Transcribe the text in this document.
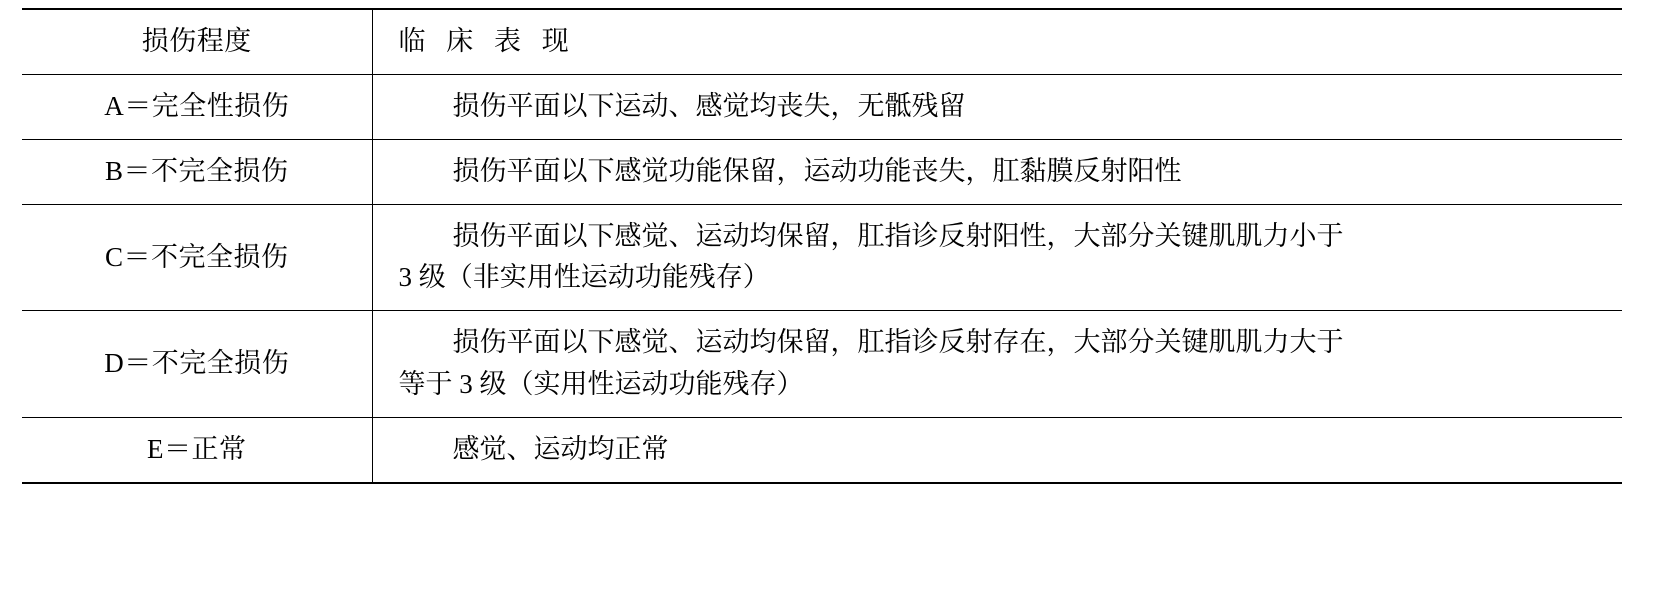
损伤程度	临 床 表 现
A＝完全性损伤	损伤平面以下运动、感觉均丧失，无骶残留

B＝不完全损伤	损伤平面以下感觉功能保留，运动功能丧失，肛黏膜反射阳性

C＝不完全损伤	损伤平面以下感觉、运动均保留，肛指诊反射阳性，大部分关键肌肌力小于

3 级（非实用性运动功能残存）

D＝不完全损伤	损伤平面以下感觉、运动均保留，肛指诊反射存在，大部分关键肌肌力大于

等于 3 级（实用性运动功能残存）

E＝正常	感觉、运动均正常
